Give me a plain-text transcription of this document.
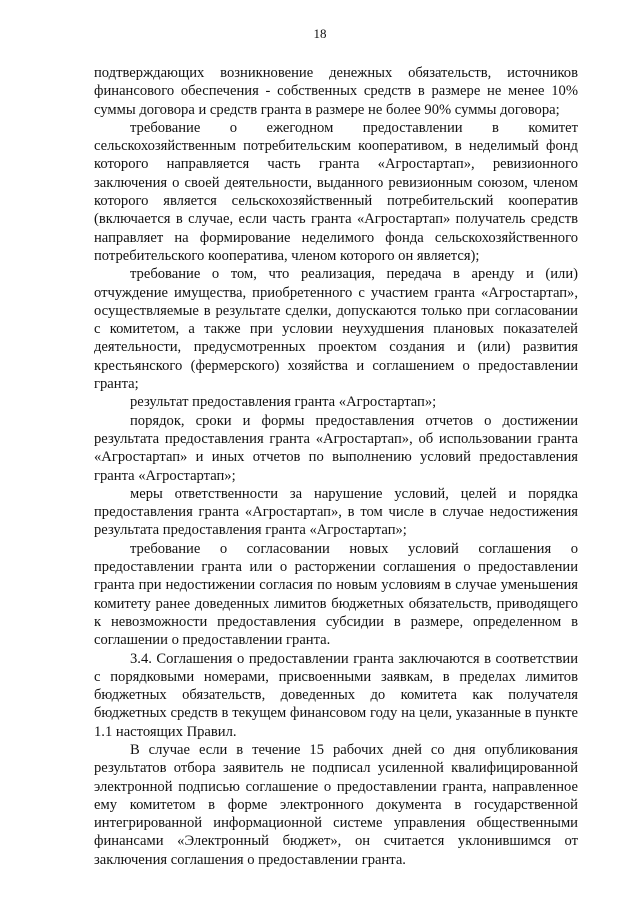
18

подтверждающих возникновение денежных обязательств, источников финансового обеспечения - собственных средств в размере не менее 10% суммы договора и средств гранта в размере не более 90% суммы договора;

требование о ежегодном предоставлении в комитет сельскохозяйственным потребительским кооперативом, в неделимый фонд которого направляется часть гранта «Агростартап», ревизионного заключения о своей деятельности, выданного ревизионным союзом, членом которого является сельскохозяйственный потребительский кооператив (включается в случае, если часть гранта «Агростартап» получатель средств направляет на формирование неделимого фонда сельскохозяйственного потребительского кооператива, членом которого он является);

требование о том, что реализация, передача в аренду и (или) отчуждение имущества, приобретенного с участием гранта «Агростартап», осуществляемые в результате сделки, допускаются только при согласовании с комитетом, а также при условии неухудшения плановых показателей деятельности, предусмотренных проектом создания и (или) развития крестьянского (фермерского) хозяйства и соглашением о предоставлении гранта;

результат предоставления гранта «Агростартап»;

порядок, сроки и формы предоставления отчетов о достижении результата предоставления гранта «Агростартап», об использовании гранта «Агростартап» и иных отчетов по выполнению условий предоставления гранта «Агростартап»;

меры ответственности за нарушение условий, целей и порядка предоставления гранта «Агростартап», в том числе в случае недостижения результата предоставления гранта «Агростартап»;

требование о согласовании новых условий соглашения о предоставлении гранта или о расторжении соглашения о предоставлении гранта при недостижении согласия по новым условиям в случае уменьшения комитету ранее доведенных лимитов бюджетных обязательств, приводящего к невозможности предоставления субсидии в размере, определенном в соглашении о предоставлении гранта.

3.4. Соглашения о предоставлении гранта заключаются в соответствии с порядковыми номерами, присвоенными заявкам, в пределах лимитов бюджетных обязательств, доведенных до комитета как получателя бюджетных средств в текущем финансовом году на цели, указанные в пункте 1.1 настоящих Правил.

В случае если в течение 15 рабочих дней со дня опубликования результатов отбора заявитель не подписал усиленной квалифицированной электронной подписью соглашение о предоставлении гранта, направленное ему комитетом в форме электронного документа в государственной интегрированной информационной системе управления общественными финансами «Электронный бюджет», он считается уклонившимся от заключения соглашения о предоставлении гранта.
